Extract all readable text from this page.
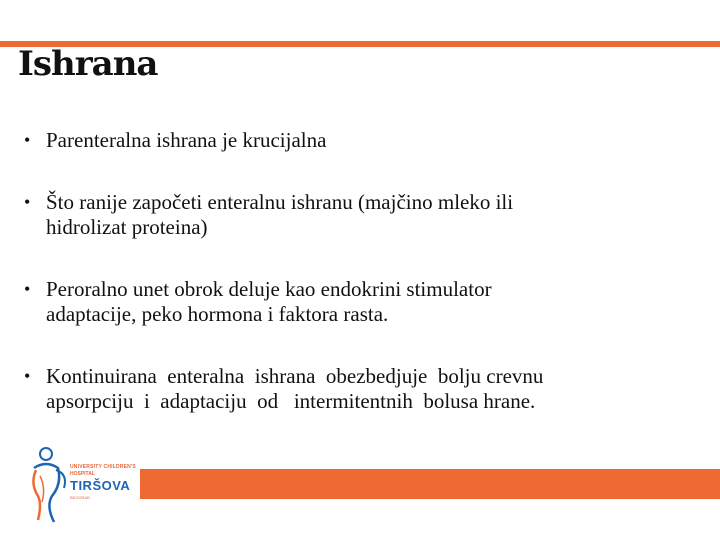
Ishrana
• Parenteralna ishrana je krucijalna
• Što ranije započeti enteralnu ishranu (majčino mleko ili
hidrolizat proteina)
• Peroralno unet obrok deluje kao endokrini stimulator
adaptacije, peko hormona i faktora rasta.
• Kontinuirana  enteralna  ishrana  obezbedjuje  bolju crevnu
apsorpciju  i  adaptaciju  od   intermitentnih  bolusa hrane.
UNIVERSITY CHILDREN'S
HOSPITAL
TIRŠOVA
BEOGRAD
